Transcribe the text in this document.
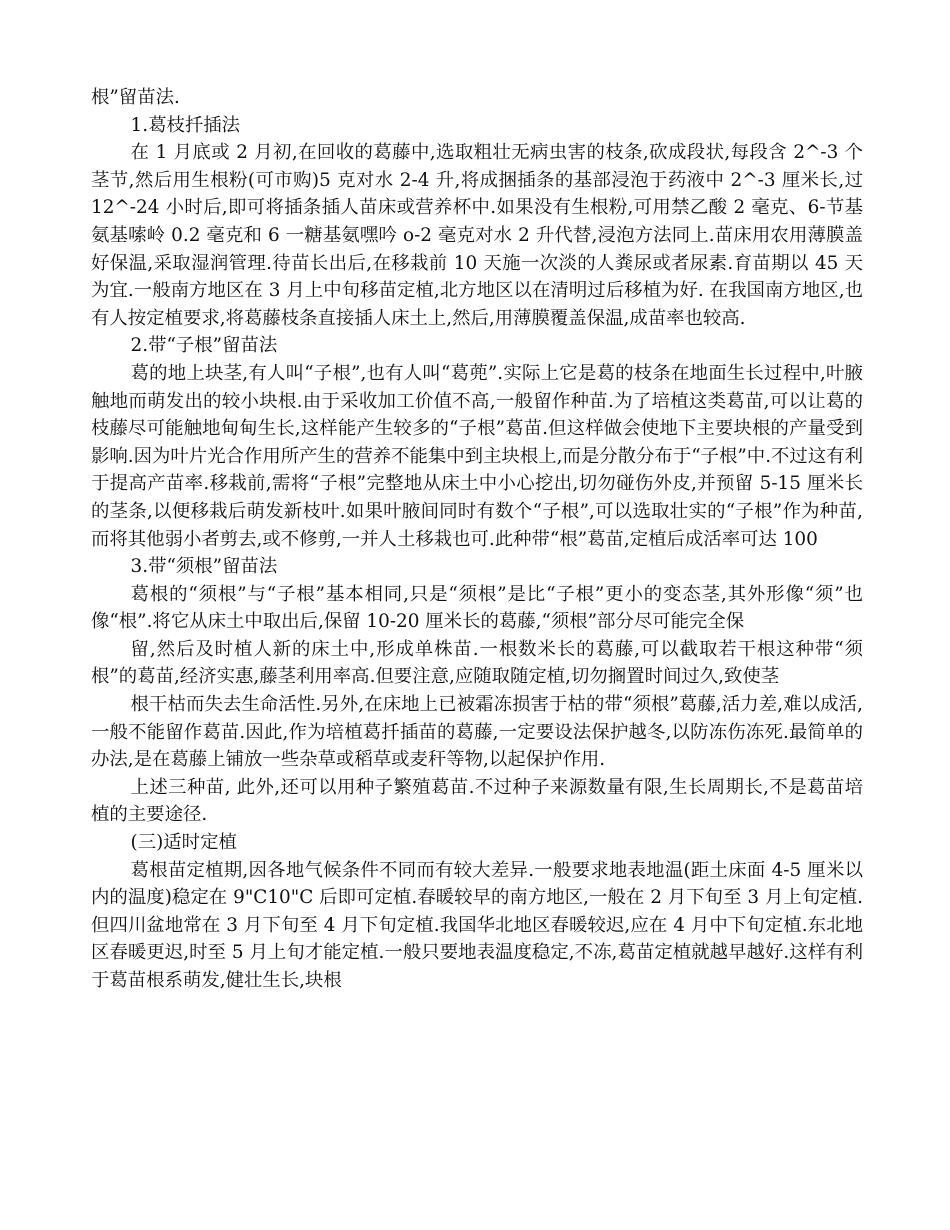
根”留苗法.

1.葛枝扦插法

在 1 月底或 2 月初,在回收的葛藤中,选取粗壮无病虫害的枝条,砍成段状,每段含 2^-3 个茎节,然后用生根粉(可市购)5 克对水 2-4 升,将成捆插条的基部浸泡于药液中 2^-3 厘米长,过 12^-24 小时后,即可将插条插人苗床或营养杯中.如果没有生根粉,可用禁乙酸 2 毫克、6-节基氨基嗦岭 0.2 毫克和 6 一糖基氨嘿吟 o-2 毫克对水 2 升代替,浸泡方法同上.苗床用农用薄膜盖好保温,采取湿润管理.待苗长出后,在移栽前 10 天施一次淡的人粪尿或者尿素.育苗期以 45 天为宜.一般南方地区在 3 月上中旬移苗定植,北方地区以在清明过后移植为好. 在我国南方地区,也有人按定植要求,将葛藤枝条直接插人床土上,然后,用薄膜覆盖保温,成苗率也较高.

2.带“子根”留苗法

葛的地上块茎,有人叫“子根”,也有人叫“葛蔸”.实际上它是葛的枝条在地面生长过程中,叶腋触地而萌发出的较小块根.由于采收加工价值不高,一般留作种苗.为了培植这类葛苗,可以让葛的枝藤尽可能触地甸甸生长,这样能产生较多的“子根”葛苗.但这样做会使地下主要块根的产量受到影响.因为叶片光合作用所产生的营养不能集中到主块根上,而是分散分布于“子根”中.不过这有利于提高产苗率.移栽前,需将“子根”完整地从床土中小心挖出,切勿碰伤外皮,并预留 5-15 厘米长的茎条,以便移栽后萌发新枝叶.如果叶腋间同时有数个“子根”,可以选取壮实的“子根”作为种苗,而将其他弱小者剪去,或不修剪,一并人土移栽也可.此种带“根”葛苗,定植后成活率可达 100

3.带“须根”留苗法

葛根的“须根”与“子根”基本相同,只是“须根”是比“子根”更小的变态茎,其外形像“须”也像“根”.将它从床土中取出后,保留 10-20 厘米长的葛藤,“须根”部分尽可能完全保

留,然后及时植人新的床土中,形成单株苗.一根数米长的葛藤,可以截取若干根这种带“须根”的葛苗,经济实惠,藤茎利用率高.但要注意,应随取随定植,切勿搁置时间过久,致使茎

根干枯而失去生命活性.另外,在床地上已被霜冻损害于枯的带“须根”葛藤,活力差,难以成活,一般不能留作葛苗.因此,作为培植葛扦插苗的葛藤,一定要设法保护越冬,以防冻伤冻死.最简单的办法,是在葛藤上铺放一些杂草或稻草或麦秆等物,以起保护作用.

上述三种苗, 此外,还可以用种子繁殖葛苗.不过种子来源数量有限,生长周期长,不是葛苗培植的主要途径.

(三)适时定植

葛根苗定植期,因各地气候条件不同而有较大差异.一般要求地表地温(距土床面 4-5 厘米以内的温度)稳定在 9"C10"C 后即可定植.春暖较早的南方地区,一般在 2 月下旬至 3 月上旬定植.但四川盆地常在 3 月下旬至 4 月下旬定植.我国华北地区春暖较迟,应在 4 月中下旬定植.东北地区春暖更迟,时至 5 月上旬才能定植.一般只要地表温度稳定,不冻,葛苗定植就越早越好.这样有利于葛苗根系萌发,健壮生长,块根
